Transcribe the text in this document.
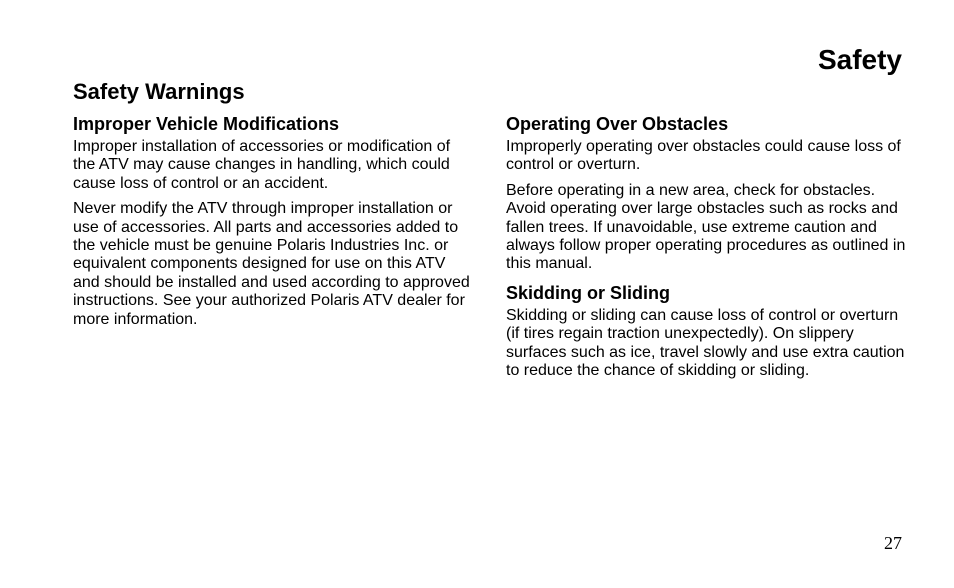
Safety
Safety Warnings
Improper Vehicle Modifications

Improper installation of accessories or modification of the ATV may cause changes in handling, which could cause loss of control or an accident.

Never modify the ATV through improper installation or use of accessories. All parts and accessories added to the vehicle must be genuine Polaris Industries Inc. or equivalent components designed for use on this ATV and should be installed and used according to approved instructions. See your authorized Polaris ATV dealer for more information.

Operating Over Obstacles

Improperly operating over obstacles could cause loss of control or overturn.

Before operating in a new area, check for obstacles. Avoid operating over large obstacles such as rocks and fallen trees. If unavoidable, use extreme caution and always follow proper operating procedures as outlined in this manual.

Skidding or Sliding

Skidding or sliding can cause loss of control or overturn (if tires regain traction unexpectedly). On slippery surfaces such as ice, travel slowly and use extra caution to reduce the chance of skidding or sliding.

27
